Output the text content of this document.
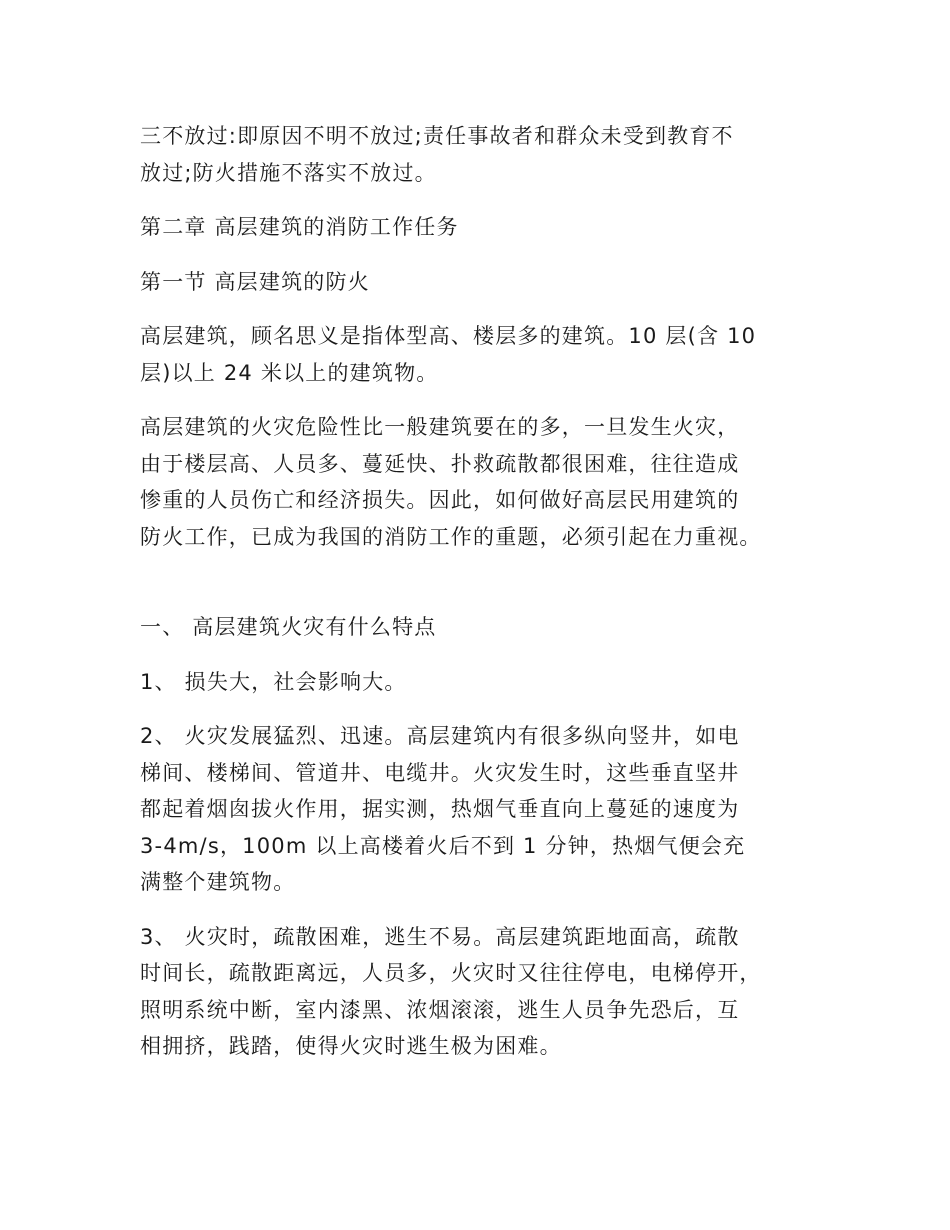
三不放过:即原因不明不放过;责任事故者和群众未受到教育不
放过;防火措施不落实不放过。

第二章 高层建筑的消防工作任务

第一节 高层建筑的防火

高层建筑，顾名思义是指体型高、楼层多的建筑。10 层(含 10
层)以上 24 米以上的建筑物。

高层建筑的火灾危险性比一般建筑要在的多，一旦发生火灾，
由于楼层高、人员多、蔓延快、扑救疏散都很困难，往往造成
惨重的人员伤亡和经济损失。因此，如何做好高层民用建筑的
防火工作，已成为我国的消防工作的重题，必须引起在力重视。

一、 高层建筑火灾有什么特点

1、 损失大，社会影响大。

2、 火灾发展猛烈、迅速。高层建筑内有很多纵向竖井，如电
梯间、楼梯间、管道井、电缆井。火灾发生时，这些垂直坚井
都起着烟囱拔火作用，据实测，热烟气垂直向上蔓延的速度为
3-4m/s，100m 以上高楼着火后不到 1 分钟，热烟气便会充
满整个建筑物。

3、 火灾时，疏散困难，逃生不易。高层建筑距地面高，疏散
时间长，疏散距离远，人员多，火灾时又往往停电，电梯停开，
照明系统中断，室内漆黑、浓烟滚滚，逃生人员争先恐后，互
相拥挤，践踏，使得火灾时逃生极为困难。
